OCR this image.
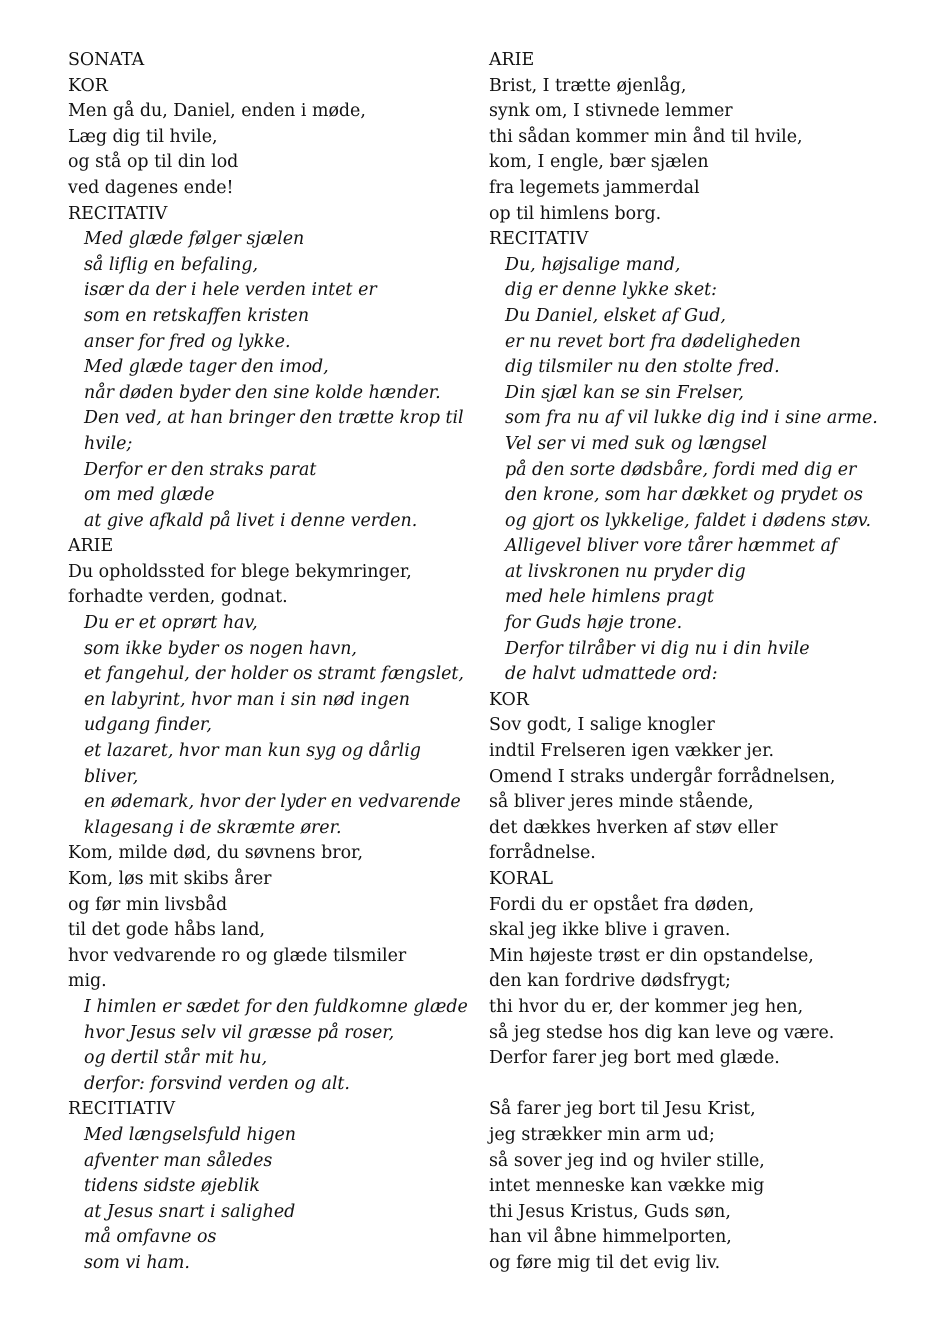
SONATA
KOR
Men gå du, Daniel, enden i møde,
Læg dig til hvile,
og stå op til din lod
ved dagenes ende!
RECITATIV
Med glæde følger sjælen
så liflig en befaling,
især da der i hele verden intet er
som en retskaffen kristen
anser for fred og lykke.
Med glæde tager den imod,
når døden byder den sine kolde hænder.
Den ved, at han bringer den trætte krop til
hvile;
Derfor er den straks parat
om med glæde
at give afkald på livet i denne verden.
ARIE
Du opholdssted for blege bekymringer,
forhadte verden, godnat.
Du er et oprørt hav,
som ikke byder os nogen havn,
et fangehul, der holder os stramt fængslet,
en labyrint, hvor man i sin nød ingen
udgang finder,
et lazaret, hvor man kun syg og dårlig
bliver,
en ødemark, hvor der lyder en vedvarende
klagesang i de skræmte ører.
Kom, milde død, du søvnens bror,
Kom, løs mit skibs årer
og før min livsbåd
til det gode håbs land,
hvor vedvarende ro og glæde tilsmiler
mig.
I himlen er sædet for den fuldkomne glæde
hvor Jesus selv vil græsse på roser,
og dertil står mit hu,
derfor: forsvind verden og alt.
RECITIATIV
Med længselsfuld higen
afventer man således
tidens sidste øjeblik
at Jesus snart i salighed
må omfavne os
som vi ham.
ARIE
Brist, I trætte øjenlåg,
synk om, I stivnede lemmer
thi sådan kommer min ånd til hvile,
kom, I engle, bær sjælen
fra legemets jammerdal
op til himlens borg.
RECITATIV
Du, højsalige mand,
dig er denne lykke sket:
Du Daniel, elsket af Gud,
er nu revet bort fra dødeligheden
dig tilsmiler nu den stolte fred.
Din sjæl kan se sin Frelser,
som fra nu af vil lukke dig ind i sine arme.
Vel ser vi med suk og længsel
på den sorte dødsbåre, fordi med dig er
den krone, som har dækket og prydet os
og gjort os lykkelige, faldet i dødens støv.
Alligevel bliver vore tårer hæmmet af
at livskronen nu pryder dig
med hele himlens pragt
for Guds høje trone.
Derfor tilråber vi dig nu i din hvile
de halvt udmattede ord:
KOR
Sov godt, I salige knogler
indtil Frelseren igen vækker jer.
Omend I straks undergår forrådnelsen,
så bliver jeres minde stående,
det dækkes hverken af støv eller
forrådnelse.
KORAL
Fordi du er opstået fra døden,
skal jeg ikke blive i graven.
Min højeste trøst er din opstandelse,
den kan fordrive dødsfrygt;
thi hvor du er, der kommer jeg hen,
så jeg stedse hos dig kan leve og være.
Derfor farer jeg bort med glæde.
Så farer jeg bort til Jesu Krist,
jeg strækker min arm ud;
så sover jeg ind og hviler stille,
intet menneske kan vække mig
thi Jesus Kristus, Guds søn,
han vil åbne himmelporten,
og føre mig til det evig liv.
